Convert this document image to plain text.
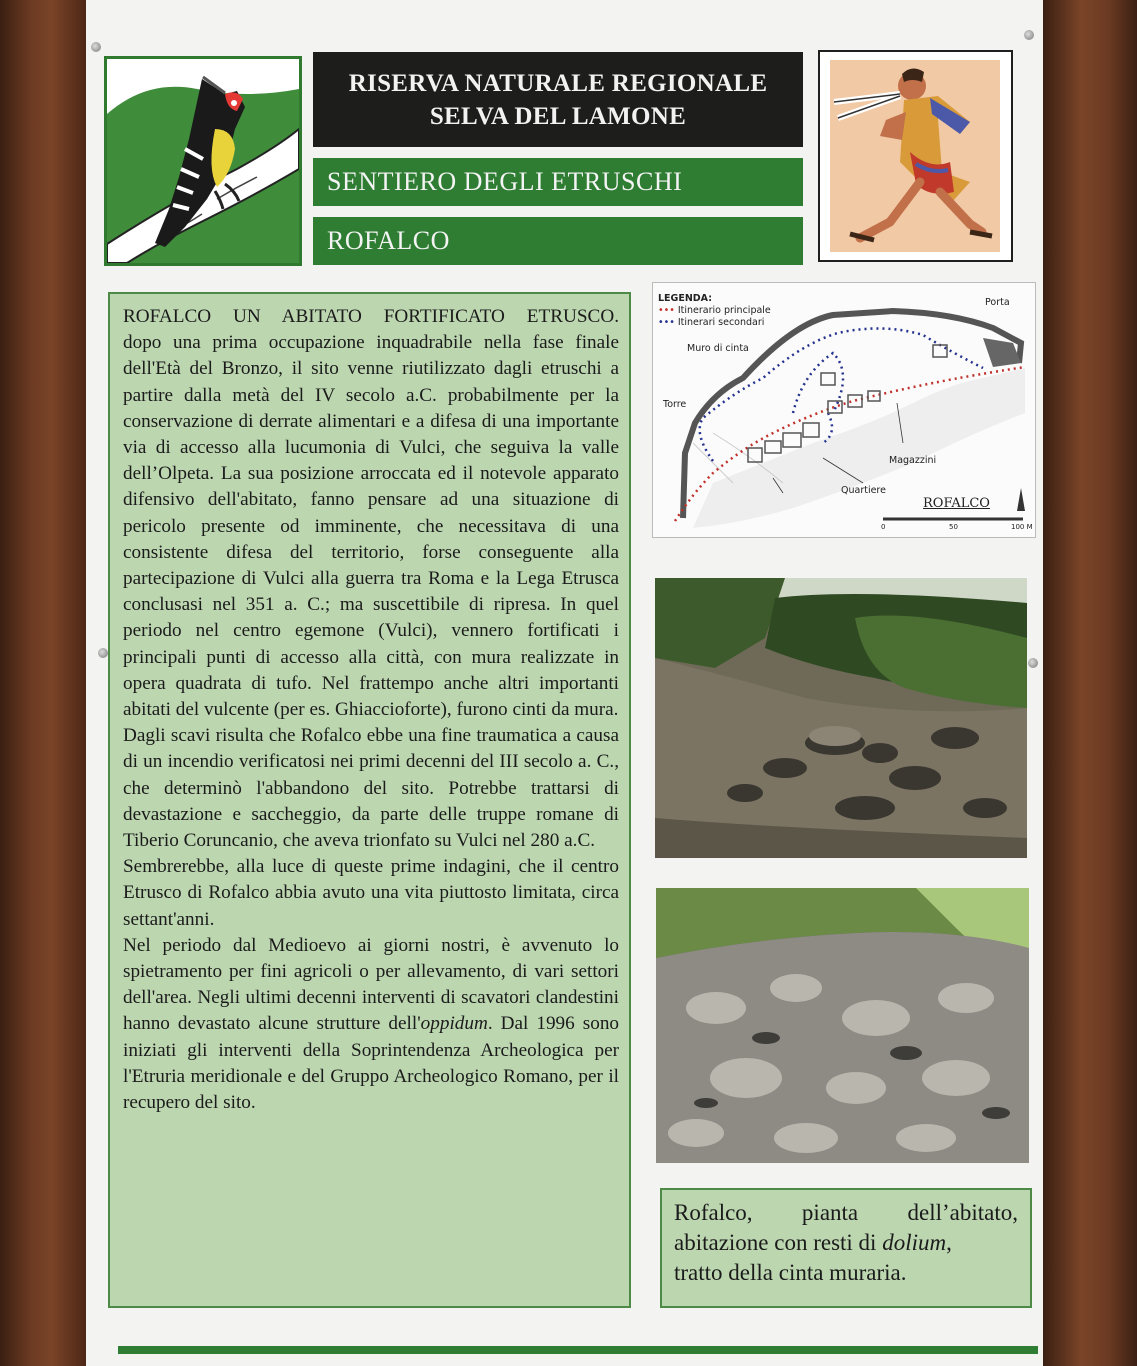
RISERVA NATURALE REGIONALE
SELVA DEL LAMONE
SENTIERO DEGLI ETRUSCHI
ROFALCO

ROFALCO UN ABITATO FORTIFICATO ETRUSCO.

dopo una prima occupazione inquadrabile nella fase finale dell'Età del Bronzo, il sito venne riutilizzato dagli etruschi a partire dalla metà del IV secolo a.C. probabilmente per la conservazione di derrate alimentari e a difesa di una importante via di accesso alla lucumonia di Vulci, che seguiva la valle dell’Olpeta. La sua posizione arroccata ed il notevole apparato difensivo dell'abitato, fanno pensare ad una situazione di pericolo presente od imminente, che necessitava di una consistente difesa del territorio, forse conseguente alla partecipazione di Vulci alla guerra tra Roma e la Lega Etrusca conclusasi nel 351 a. C.; ma suscettibile di ripresa. In quel periodo nel centro egemone (Vulci), vennero fortificati i principali punti di accesso alla città, con mura realizzate in opera quadrata di tufo. Nel frattempo anche altri importanti abitati del vulcente (per es. Ghiaccioforte), furono cinti da mura.

Dagli scavi risulta che Rofalco ebbe una fine traumatica a causa di un incendio verificatosi nei primi decenni del III secolo a. C., che determinò l'abbandono del sito. Potrebbe trattarsi di devastazione e saccheggio, da parte delle truppe romane di Tiberio Coruncanio, che aveva trionfato su Vulci nel 280 a.C.

Sembrerebbe, alla luce di queste prime indagini, che il centro Etrusco di Rofalco abbia avuto una vita piuttosto limitata, circa settant'anni.

Nel periodo dal Medioevo ai giorni nostri, è avvenuto lo spietramento per fini agricoli o per allevamento, di vari settori dell'area. Negli ultimi decenni interventi di scavatori clandestini hanno devastato alcune strutture dell'oppidum. Dal 1996 sono iniziati gli interventi della Soprintendenza Archeologica per l'Etruria meridionale e del Gruppo Archeologico Romano, per il recupero del sito.

LEGENDA:
••• Itinerario principale
••• Itinerari secondari
Porta
Muro di cinta
Torre
Magazzini
Quartiere
ROFALCO
0	50	100 M
Rofalco, pianta dell’abitato,
abitazione con resti di dolium,
tratto della cinta muraria.
